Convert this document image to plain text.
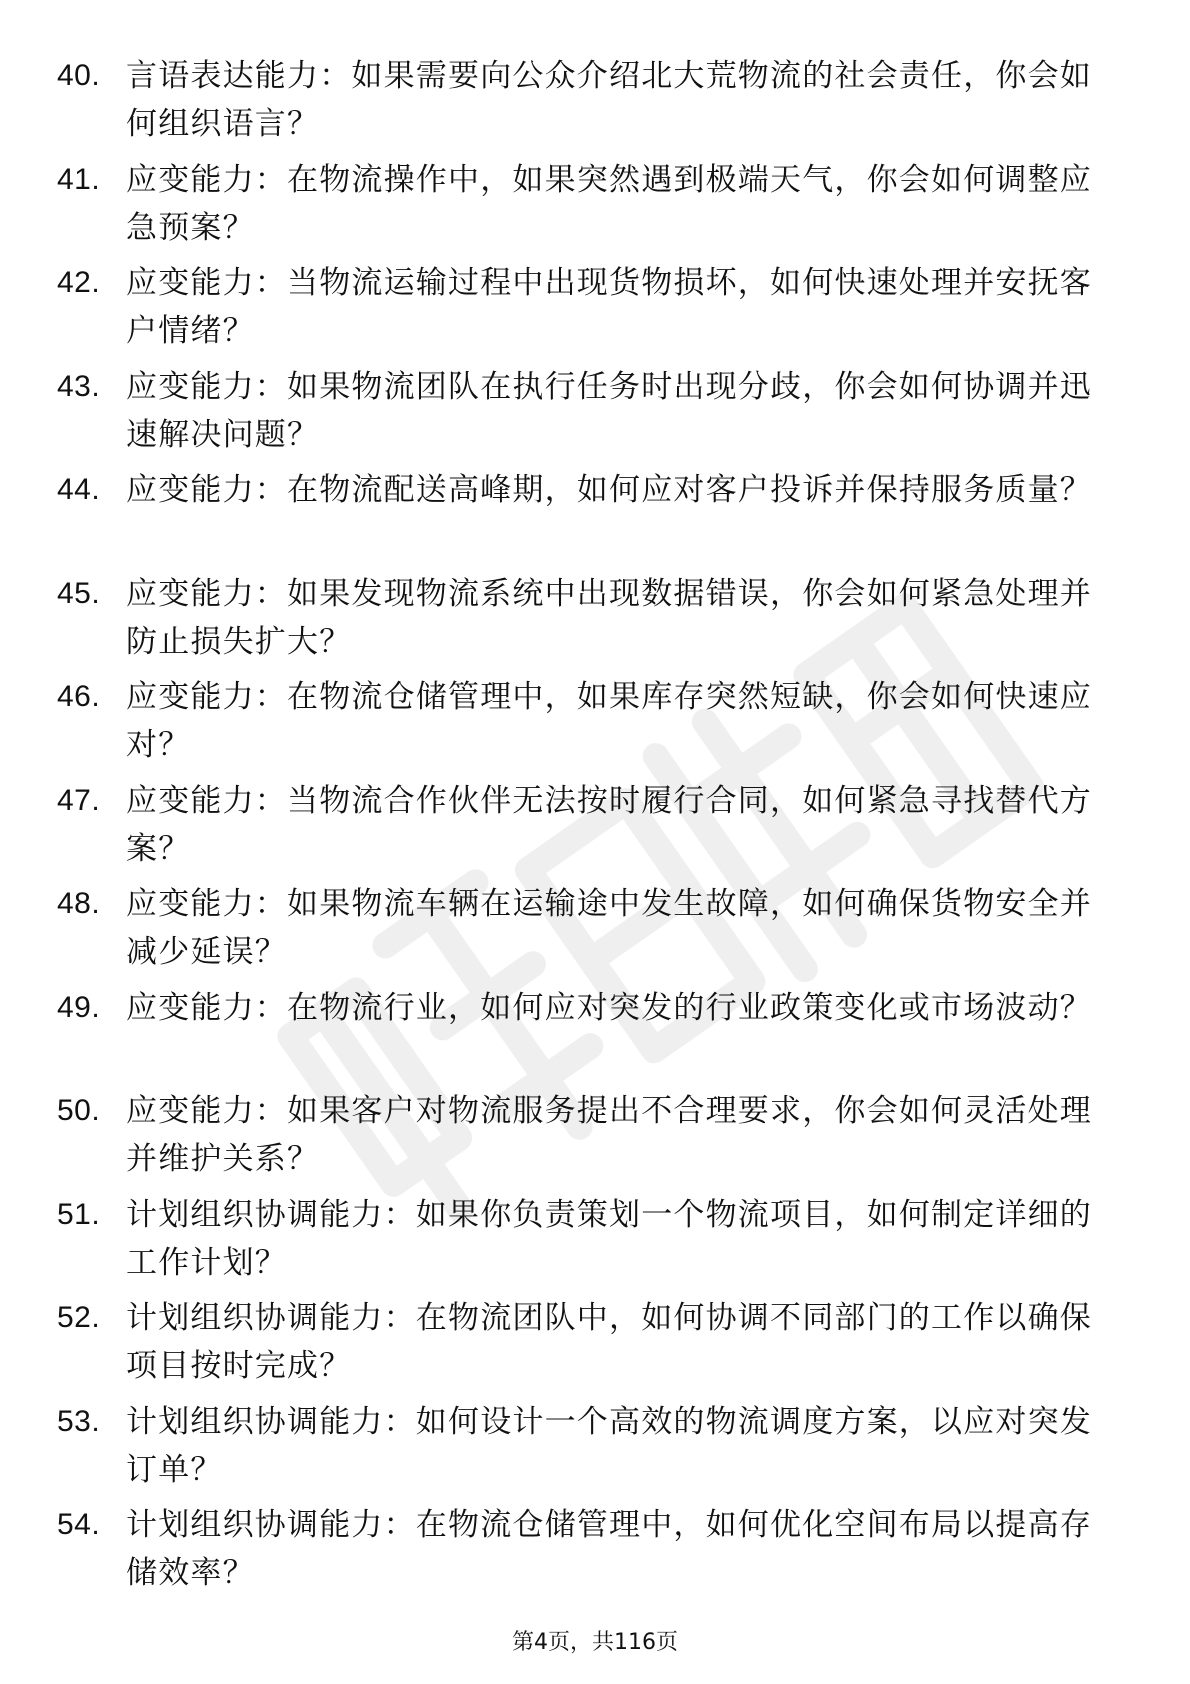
40. 言语表达能力：如果需要向公众介绍北大荒物流的社会责任，你会如何组织语言？
41. 应变能力：在物流操作中，如果突然遇到极端天气，你会如何调整应急预案？
42. 应变能力：当物流运输过程中出现货物损坏，如何快速处理并安抚客户情绪？
43. 应变能力：如果物流团队在执行任务时出现分歧，你会如何协调并迅速解决问题？
44. 应变能力：在物流配送高峰期，如何应对客户投诉并保持服务质量？
45. 应变能力：如果发现物流系统中出现数据错误，你会如何紧急处理并防止损失扩大？
46. 应变能力：在物流仓储管理中，如果库存突然短缺，你会如何快速应对？
47. 应变能力：当物流合作伙伴无法按时履行合同，如何紧急寻找替代方案？
48. 应变能力：如果物流车辆在运输途中发生故障，如何确保货物安全并减少延误？
49. 应变能力：在物流行业，如何应对突发的行业政策变化或市场波动？
50. 应变能力：如果客户对物流服务提出不合理要求，你会如何灵活处理并维护关系？
51. 计划组织协调能力：如果你负责策划一个物流项目，如何制定详细的工作计划？
52. 计划组织协调能力：在物流团队中，如何协调不同部门的工作以确保项目按时完成？
53. 计划组织协调能力：如何设计一个高效的物流调度方案，以应对突发订单？
54. 计划组织协调能力：在物流仓储管理中，如何优化空间布局以提高存储效率？
第4页，共116页
